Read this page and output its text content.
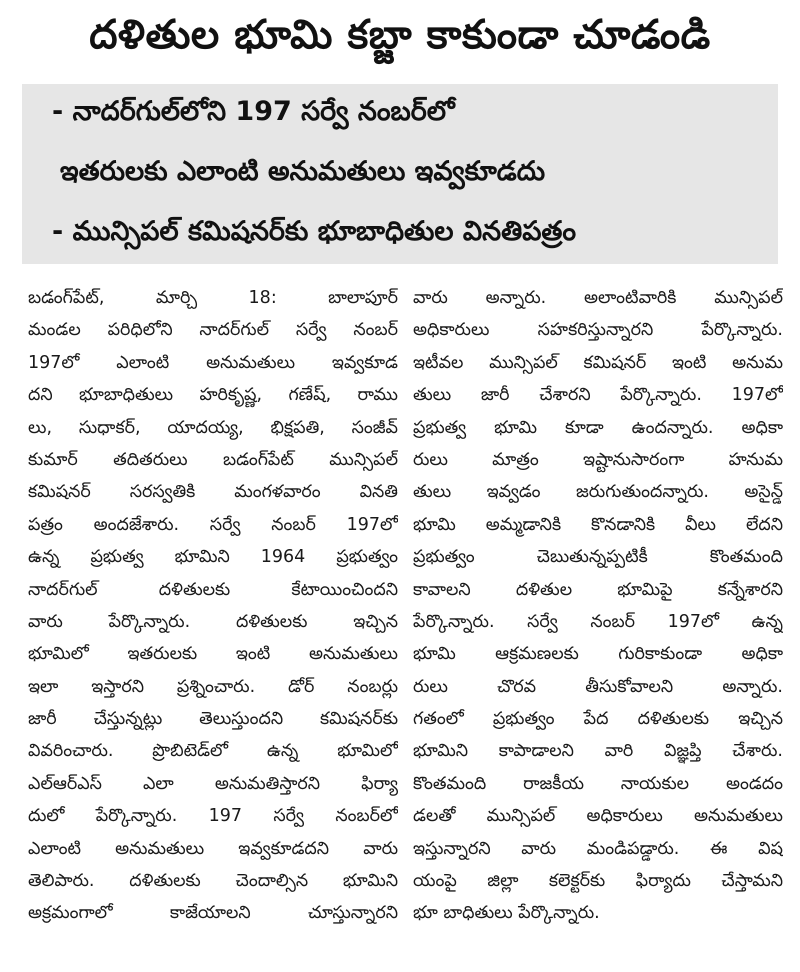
దళితుల భూమి కబ్జా కాకుండా చూడండి
- నాదర్‌గుల్‌లోని 197 సర్వే నంబర్‌లో
ఇతరులకు ఎలాంటి అనుమతులు ఇవ్వకూడదు
- మున్సిపల్ కమిషనర్‌కు భూబాధితుల వినతిపత్రం
బడంగ్‌పేట్, మార్చి 18: బాలాపూర్
మండల పరిధిలోని నాదర్‌గుల్ సర్వే నంబర్
197లో ఎలాంటి అనుమతులు ఇవ్వకూడ
దని భూబాధితులు హరికృష్ణ, గణేష్, రాము
లు, సుధాకర్, యాదయ్య, భిక్షపతి, సంజీవ్
కుమార్ తదితరులు బడంగ్‌పేట్ మున్సిపల్
కమిషనర్ సరస్వతికి మంగళవారం వినతి
పత్రం అందజేశారు. సర్వే నంబర్ 197లో
ఉన్న ప్రభుత్వ భూమిని 1964 ప్రభుత్వం
నాదర్‌గుల్ దళితులకు కేటాయించిందని
వారు పేర్కొన్నారు. దళితులకు ఇచ్చిన
భూమిలో ఇతరులకు ఇంటి అనుమతులు
ఇలా ఇస్తారని ప్రశ్నించారు. డోర్ నంబర్లు
జారీ చేస్తున్నట్లు తెలుస్తుందని కమిషనర్‌కు
వివరించారు. ప్రొబిటెడ్‌లో ఉన్న భూమిలో
ఎల్ఆర్ఎస్ ఎలా అనుమతిస్తారని ఫిర్యా
దులో పేర్కొన్నారు. 197 సర్వే నంబర్‌లో
ఎలాంటి అనుమతులు ఇవ్వకూడదని వారు
తెలిపారు. దళితులకు చెందాల్సిన భూమిని
అక్రమంగాలో కాజేయాలని చూస్తున్నారని
వారు అన్నారు. అలాంటివారికి మున్సిపల్
అధికారులు సహకరిస్తున్నారని పేర్కొన్నారు.
ఇటీవల మున్సిపల్ కమిషనర్ ఇంటి అనుమ
తులు జారీ చేశారని పేర్కొన్నారు. 197లో
ప్రభుత్వ భూమి కూడా ఉందన్నారు. అధికా
రులు మాత్రం ఇష్టానుసారంగా హనుమ
తులు ఇవ్వడం జరుగుతుందన్నారు. అసైన్డ్
భూమి అమ్మడానికి కొనడానికి వీలు లేదని
ప్రభుత్వం చెబుతున్నప్పటికీ కొంతమంది
కావాలని దళితుల భూమిపై కన్నేశారని
పేర్కొన్నారు. సర్వే నంబర్ 197లో ఉన్న
భూమి ఆక్రమణలకు గురికాకుండా అధికా
రులు చొరవ తీసుకోవాలని అన్నారు.
గతంలో ప్రభుత్వం పేద దళితులకు ఇచ్చిన
భూమిని కాపాడాలని వారి విజ్ఞప్తి చేశారు.
కొంతమంది రాజకీయ నాయకుల అండదం
డలతో మున్సిపల్ అధికారులు అనుమతులు
ఇస్తున్నారని వారు మండిపడ్డారు. ఈ విష
యంపై జిల్లా కలెక్టర్‌కు ఫిర్యాదు చేస్తామని
భూ బాధితులు పేర్కొన్నారు.
